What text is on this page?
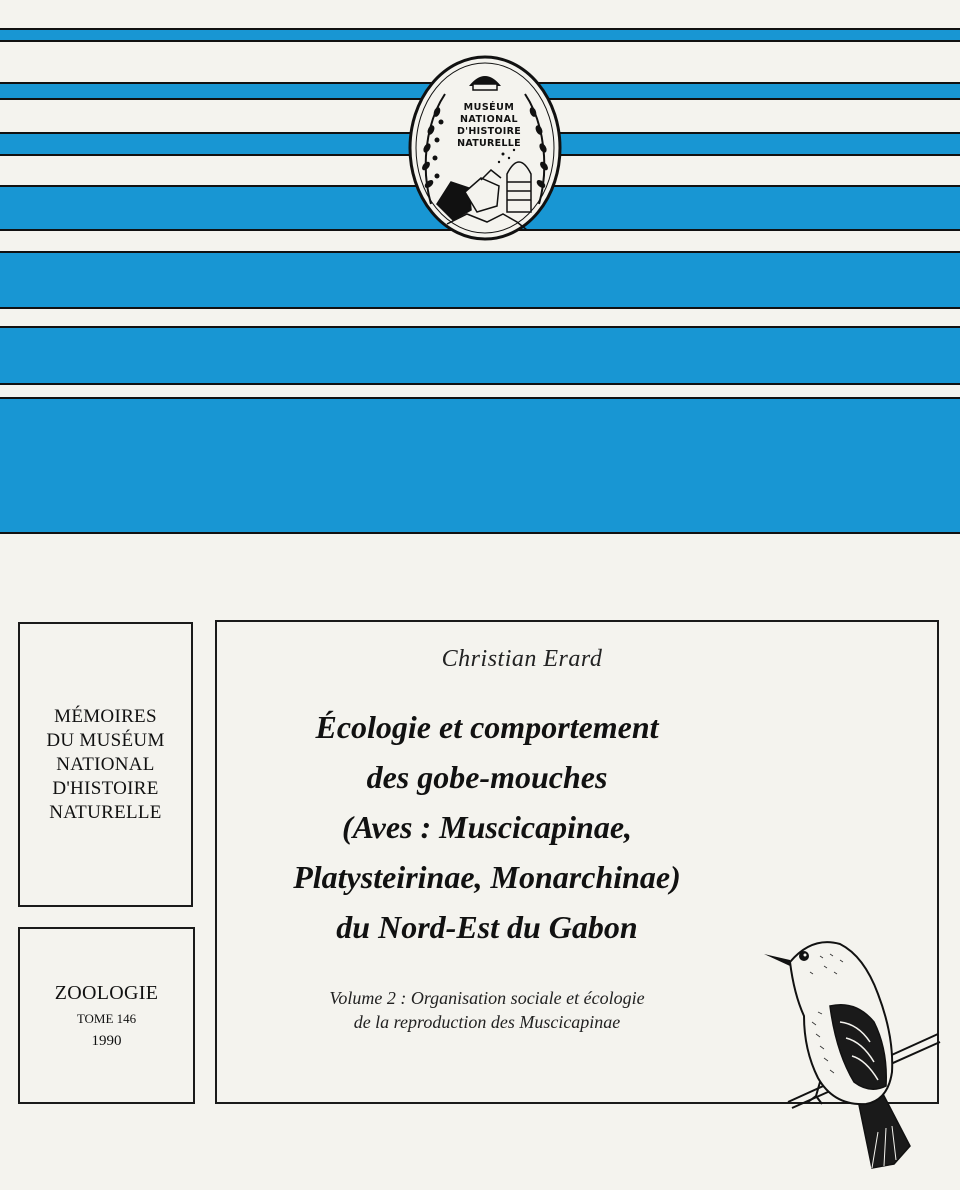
MUSÉUM
NATIONAL
D'HISTOIRE
NATURELLE
MÉMOIRES
DU MUSÉUM
NATIONAL
D'HISTOIRE
NATURELLE
ZOOLOGIE
TOME 146
1990
Christian Erard
Écologie et comportement
des gobe-mouches
(Aves : Muscicapinae,
Platysteirinae, Monarchinae)
du Nord-Est du Gabon
Volume 2 : Organisation sociale et écologie
de la reproduction des Muscicapinae
